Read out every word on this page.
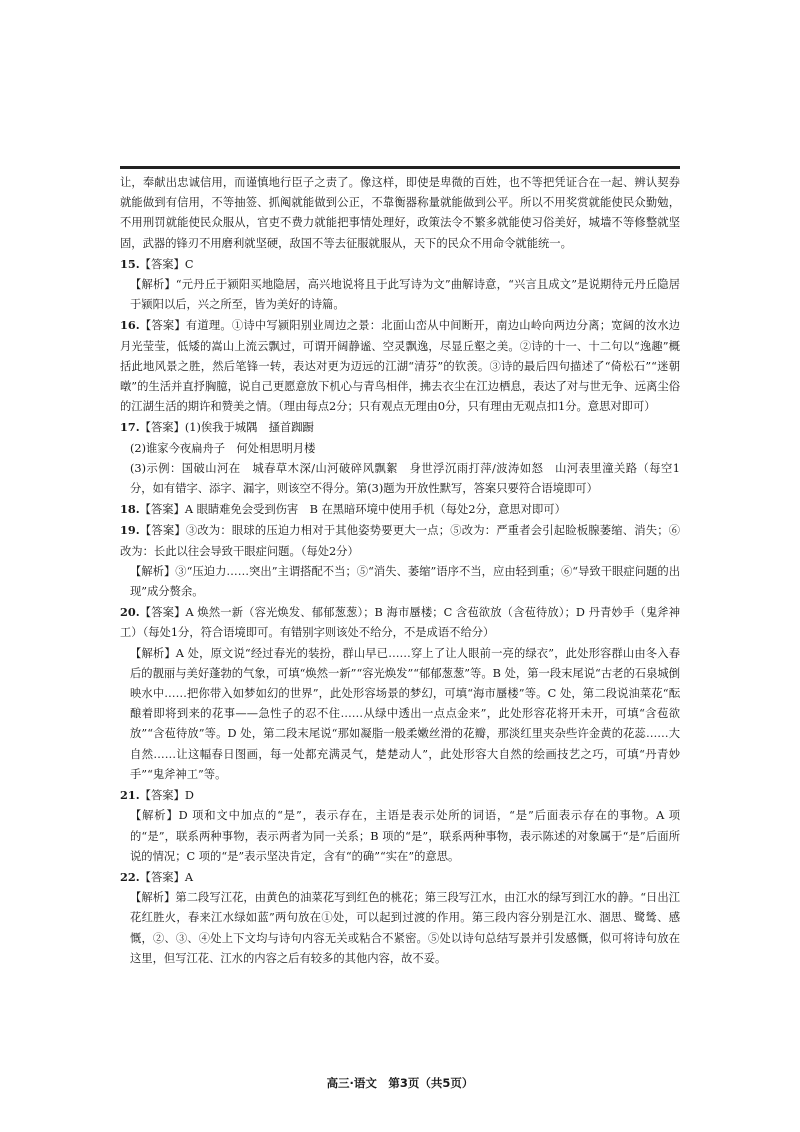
让，奉献出忠诚信用，而谨慎地行臣子之责了。像这样，即使是卑微的百姓，也不等把凭证合在一起、辨认契券就能做到有信用，不等抽签、抓阄就能做到公正，不靠衡器称量就能做到公平。所以不用奖赏就能使民众勤勉，不用刑罚就能使民众服从，官吏不费力就能把事情处理好，政策法令不繁多就能使习俗美好，城墙不等修整就坚固，武器的锋刃不用磨利就坚硬，敌国不等去征服就服从，天下的民众不用命令就能统一。

15.【答案】C

【解析】“元丹丘于颍阳买地隐居，高兴地说将且于此写诗为文”曲解诗意，“兴言且成文”是说期待元丹丘隐居于颍阳以后，兴之所至，皆为美好的诗篇。

16.【答案】有道理。①诗中写颍阳别业周边之景：北面山峦从中间断开，南边山岭向两边分离；宽阔的汝水边月光莹莹，低矮的嵩山上流云飘过，可谓开阔静谧、空灵飘逸，尽显丘壑之美。②诗的十一、十二句以“逸趣”概括此地风景之胜，然后笔锋一转，表达对更为迈远的江湖“清芬”的钦羡。③诗的最后四句描述了“倚松石”“迷朝暾”的生活并直抒胸臆，说自己更愿意放下机心与青鸟相伴，拂去衣尘在江边栖息，表达了对与世无争、远离尘俗的江湖生活的期许和赞美之情。（理由每点2分；只有观点无理由0分，只有理由无观点扣1分。意思对即可）

17.【答案】(1)俟我于城隅　搔首踟蹰

(2)谁家今夜扁舟子　何处相思明月楼

(3)示例：国破山河在　城春草木深/山河破碎风飘絮　身世浮沉雨打萍/波涛如怒　山河表里潼关路（每空1分，如有错字、添字、漏字，则该空不得分。第(3)题为开放性默写，答案只要符合语境即可）

18.【答案】A 眼睛难免会受到伤害　B 在黑暗环境中使用手机（每处2分，意思对即可）

19.【答案】③改为：眼球的压迫力相对于其他姿势要更大一点；⑤改为：严重者会引起睑板腺萎缩、消失；⑥改为：长此以往会导致干眼症问题。（每处2分）

【解析】③“压迫力……突出”主谓搭配不当；⑤“消失、萎缩”语序不当，应由轻到重；⑥“导致干眼症问题的出现”成分赘余。

20.【答案】A 焕然一新（容光焕发、郁郁葱葱）；B 海市蜃楼；C 含苞欲放（含苞待放）；D 丹青妙手（鬼斧神工）（每处1分，符合语境即可。有错别字则该处不给分，不是成语不给分）

【解析】A 处，原文说“经过春光的装扮，群山早已……穿上了让人眼前一亮的绿衣”，此处形容群山由冬入春后的靓丽与美好蓬勃的气象，可填“焕然一新”“容光焕发”“郁郁葱葱”等。B 处，第一段末尾说“古老的石泉城倒映水中……把你带入如梦如幻的世界”，此处形容场景的梦幻，可填“海市蜃楼”等。C 处，第二段说油菜花“酝酿着即将到来的花事——急性子的忍不住……从绿中透出一点点金来”，此处形容花将开未开，可填“含苞欲放”“含苞待放”等。D 处，第二段末尾说“那如凝脂一般柔嫩丝滑的花瓣，那淡红里夹杂些许金黄的花蕊……大自然……让这幅春日图画，每一处都充满灵气，楚楚动人”，此处形容大自然的绘画技艺之巧，可填“丹青妙手”“鬼斧神工”等。

21.【答案】D

【解析】D 项和文中加点的“是”，表示存在，主语是表示处所的词语，“是”后面表示存在的事物。A 项的“是”，联系两种事物，表示两者为同一关系；B 项的“是”，联系两种事物，表示陈述的对象属于“是”后面所说的情况；C 项的“是”表示坚决肯定，含有“的确”“实在”的意思。

22.【答案】A

【解析】第二段写江花，由黄色的油菜花写到红色的桃花；第三段写江水，由江水的绿写到江水的静。“日出江花红胜火，春来江水绿如蓝”两句放在①处，可以起到过渡的作用。第三段内容分别是江水、涸思、鹭鸶、感慨，②、③、④处上下文均与诗句内容无关或粘合不紧密。⑤处以诗句总结写景并引发感慨，似可将诗句放在这里，但写江花、江水的内容之后有较多的其他内容，故不妥。

高三·语文　第3页（共5页）
